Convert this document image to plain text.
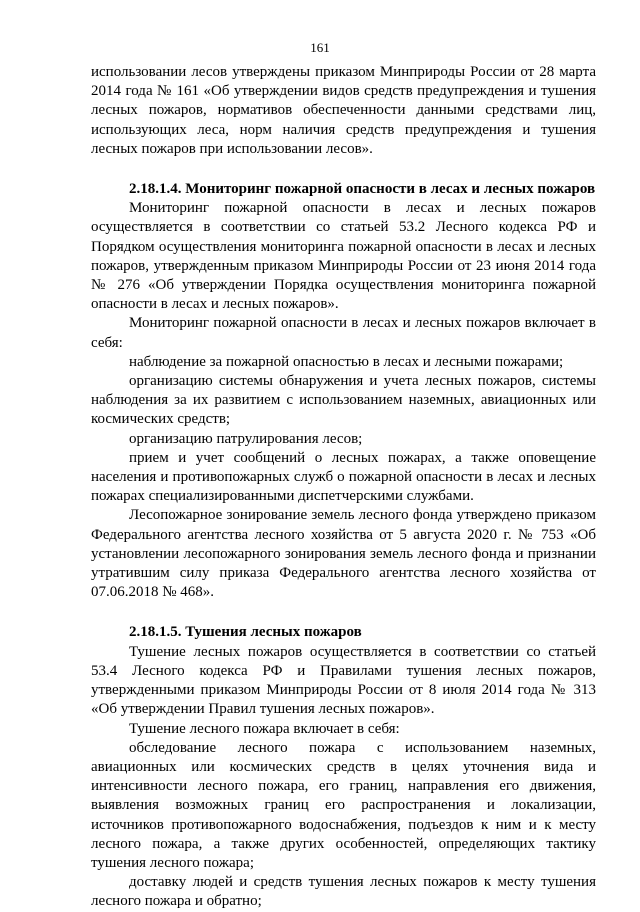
161

использовании лесов утверждены приказом Минприроды России от 28 марта 2014 года № 161 «Об утверждении видов средств предупреждения и тушения лесных пожаров, нормативов обеспеченности данными средствами лиц, использующих леса, норм наличия средств предупреждения и тушения лесных пожаров при использовании лесов».

2.18.1.4. Мониторинг пожарной опасности в лесах и лесных пожаров

Мониторинг пожарной опасности в лесах и лесных пожаров осуществляется в соответствии со статьей 53.2 Лесного кодекса РФ и Порядком осуществления мониторинга пожарной опасности в лесах и лесных пожаров, утвержденным приказом Минприроды России от 23 июня 2014 года № 276 «Об утверждении Порядка осуществления мониторинга пожарной опасности в лесах и лесных пожаров».

Мониторинг пожарной опасности в лесах и лесных пожаров включает в себя:

наблюдение за пожарной опасностью в лесах и лесными пожарами;

организацию системы обнаружения и учета лесных пожаров, системы наблюдения за их развитием с использованием наземных, авиационных или космических средств;

организацию патрулирования лесов;

прием и учет сообщений о лесных пожарах, а также оповещение населения и противопожарных служб о пожарной опасности в лесах и лесных пожарах специализированными диспетчерскими службами.

Лесопожарное зонирование земель лесного фонда утверждено приказом Федерального агентства лесного хозяйства от 5 августа 2020 г. № 753 «Об установлении лесопожарного зонирования земель лесного фонда и признании утратившим силу приказа Федерального агентства лесного хозяйства от 07.06.2018 № 468».

2.18.1.5. Тушения лесных пожаров

Тушение лесных пожаров осуществляется в соответствии со статьей 53.4 Лесного кодекса РФ и Правилами тушения лесных пожаров, утвержденными приказом Минприроды России от 8 июля 2014 года № 313 «Об утверждении Правил тушения лесных пожаров».

Тушение лесного пожара включает в себя:

обследование лесного пожара с использованием наземных, авиационных или космических средств в целях уточнения вида и интенсивности лесного пожара, его границ, направления его движения, выявления возможных границ его распространения и локализации, источников противопожарного водоснабжения, подъездов к ним и к месту лесного пожара, а также других особенностей, определяющих тактику тушения лесного пожара;

доставку людей и средств тушения лесных пожаров к месту тушения лесного пожара и обратно;
